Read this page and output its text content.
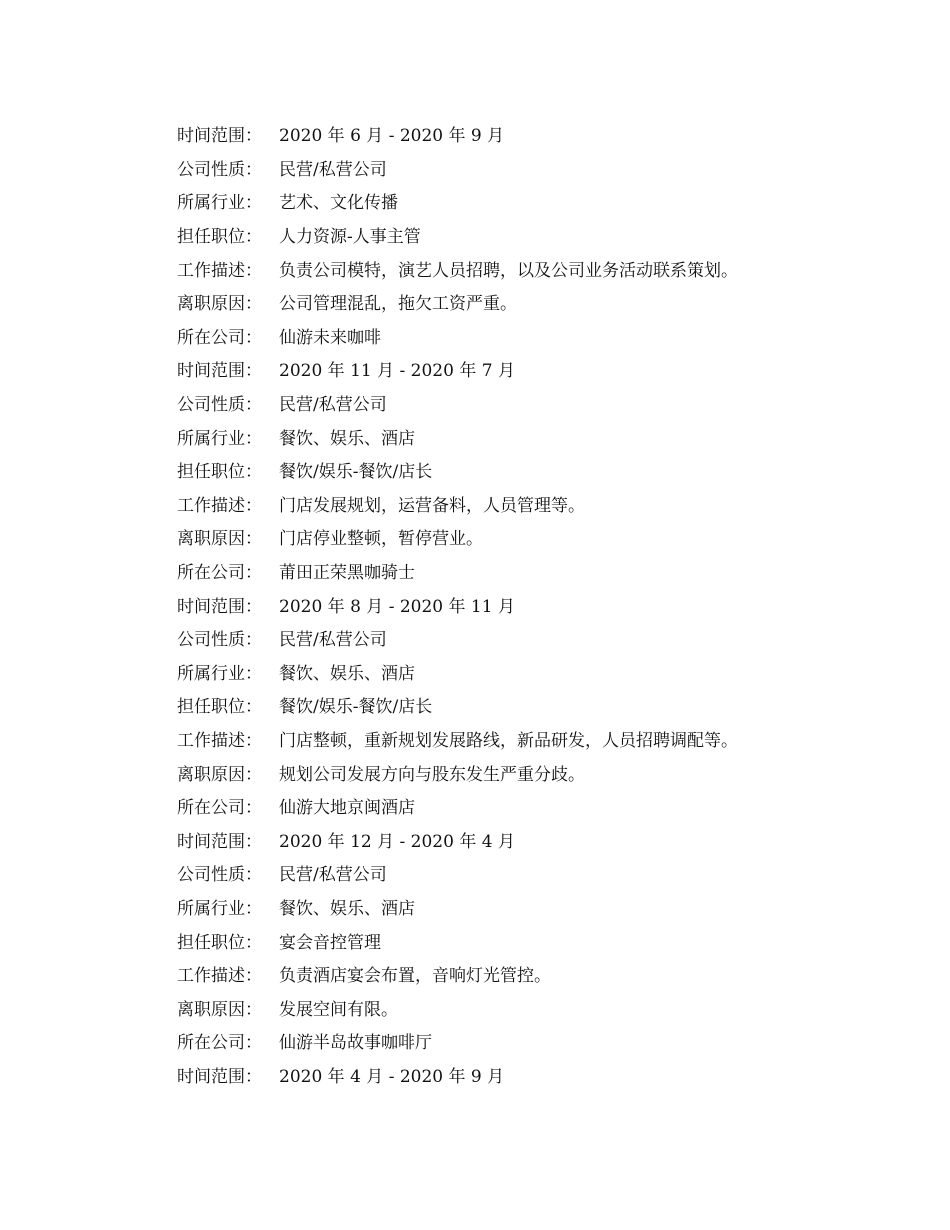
时间范围：	2020 年 6 月 - 2020 年 9 月
公司性质：	民营/私营公司
所属行业：	艺术、文化传播
担任职位：	人力资源-人事主管
工作描述：	负责公司模特，演艺人员招聘，以及公司业务活动联系策划。
离职原因：	公司管理混乱，拖欠工资严重。
所在公司：	仙游未来咖啡
时间范围：	2020 年 11 月 - 2020 年 7 月
公司性质：	民营/私营公司
所属行业：	餐饮、娱乐、酒店
担任职位：	餐饮/娱乐-餐饮/店长
工作描述：	门店发展规划，运营备料，人员管理等。
离职原因：	门店停业整顿，暂停营业。
所在公司：	莆田正荣黑咖骑士
时间范围：	2020 年 8 月 - 2020 年 11 月
公司性质：	民营/私营公司
所属行业：	餐饮、娱乐、酒店
担任职位：	餐饮/娱乐-餐饮/店长
工作描述：	门店整顿，重新规划发展路线，新品研发，人员招聘调配等。
离职原因：	规划公司发展方向与股东发生严重分歧。
所在公司：	仙游大地京闽酒店
时间范围：	2020 年 12 月 - 2020 年 4 月
公司性质：	民营/私营公司
所属行业：	餐饮、娱乐、酒店
担任职位：	宴会音控管理
工作描述：	负责酒店宴会布置，音响灯光管控。
离职原因：	发展空间有限。
所在公司：	仙游半岛故事咖啡厅
时间范围：	2020 年 4 月 - 2020 年 9 月
